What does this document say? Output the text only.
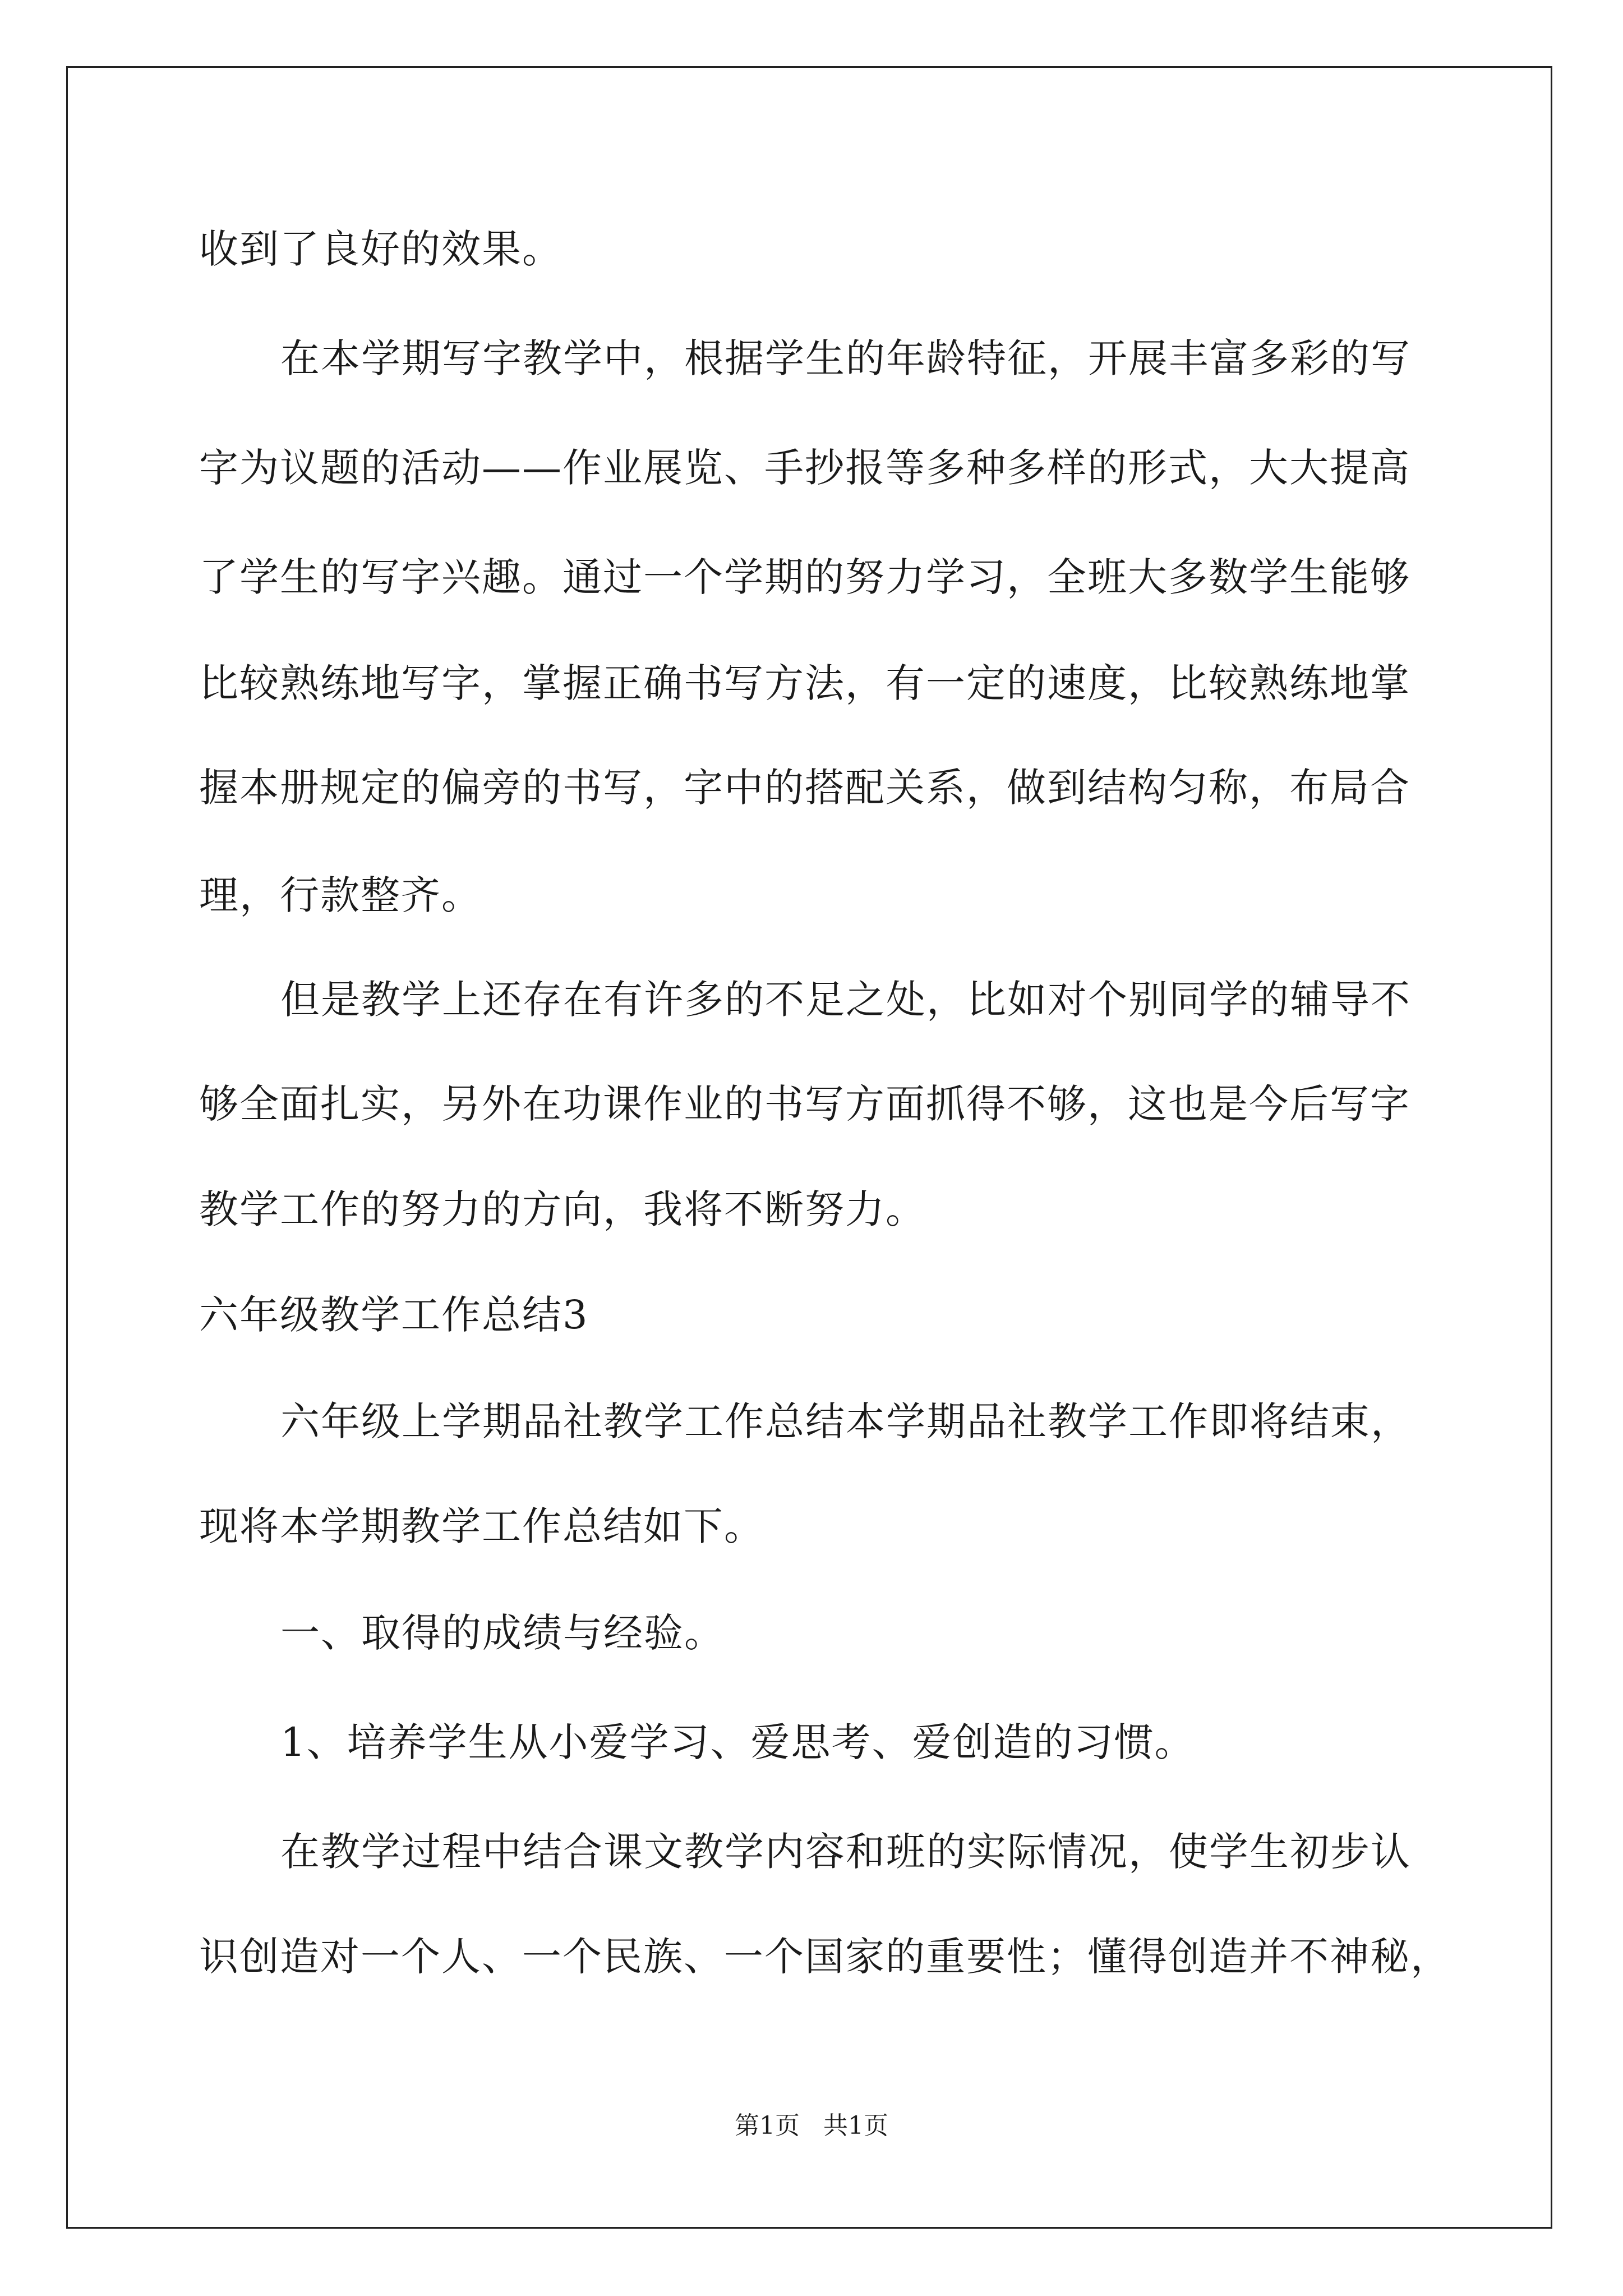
收到了良好的效果。
在本学期写字教学中，根据学生的年龄特征，开展丰富多彩的写
字为议题的活动——作业展览、手抄报等多种多样的形式，大大提高
了学生的写字兴趣。通过一个学期的努力学习，全班大多数学生能够
比较熟练地写字，掌握正确书写方法，有一定的速度，比较熟练地掌
握本册规定的偏旁的书写，字中的搭配关系，做到结构匀称，布局合
理，行款整齐。
但是教学上还存在有许多的不足之处，比如对个别同学的辅导不
够全面扎实，另外在功课作业的书写方面抓得不够，这也是今后写字
教学工作的努力的方向，我将不断努力。
六年级教学工作总结3
六年级上学期品社教学工作总结本学期品社教学工作即将结束，
现将本学期教学工作总结如下。
一、取得的成绩与经验。
1、培养学生从小爱学习、爱思考、爱创造的习惯。
在教学过程中结合课文教学内容和班的实际情况，使学生初步认
识创造对一个人、一个民族、一个国家的重要性；懂得创造并不神秘，
第1页   共1页
